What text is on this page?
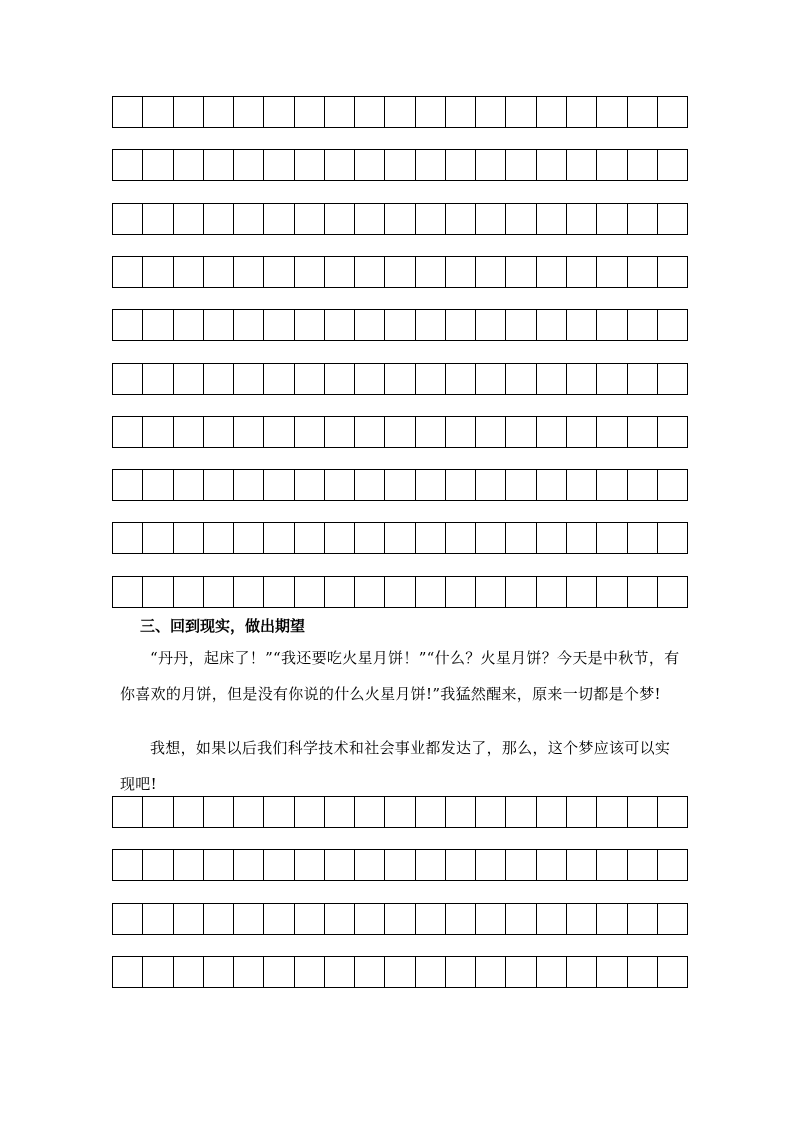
三、回到现实，做出期望

“丹丹，起床了！”“我还要吃火星月饼！”“什么？火星月饼？今天是中秋节，有你喜欢的月饼，但是没有你说的什么火星月饼!”我猛然醒来，原来一切都是个梦!

我想，如果以后我们科学技术和社会事业都发达了，那么，这个梦应该可以实现吧!
